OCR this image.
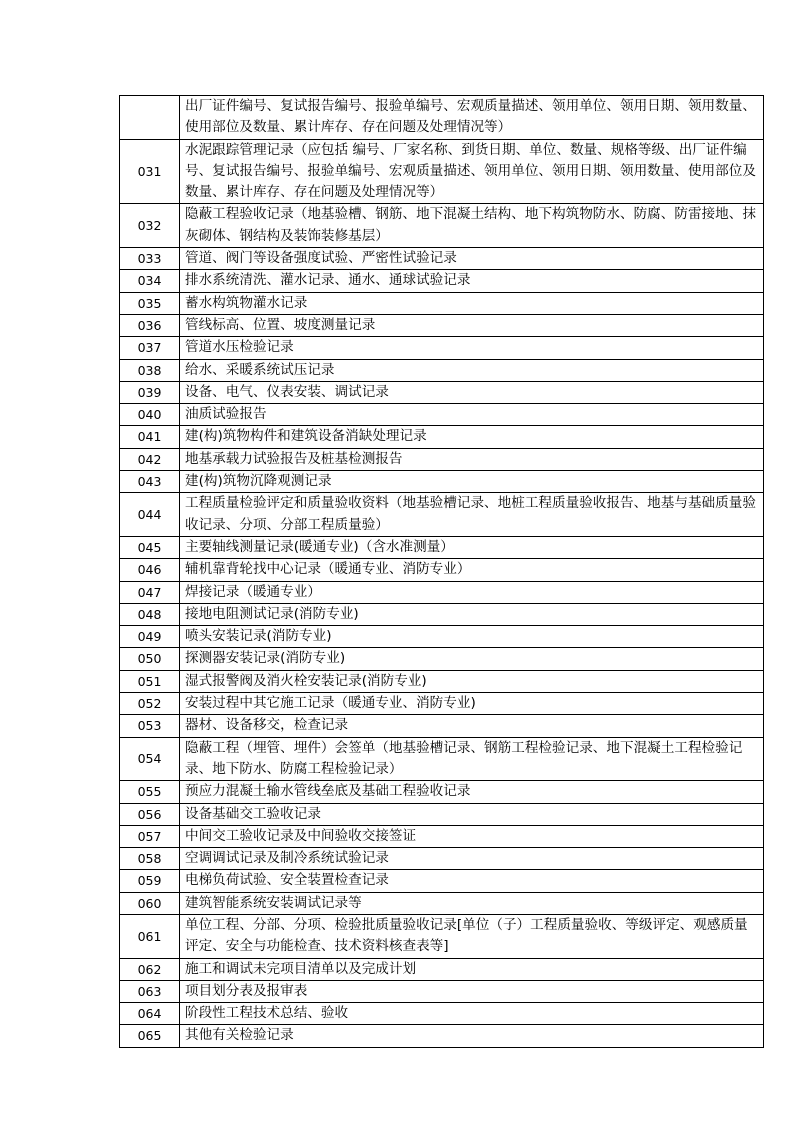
	出厂证件编号、复试报告编号、报验单编号、宏观质量描述、领用单位、领用日期、领用数量、使用部位及数量、累计库存、存在问题及处理情况等）
031	水泥跟踪管理记录（应包括 编号、厂家名称、到货日期、单位、数量、规格等级、出厂证件编号、复试报告编号、报验单编号、宏观质量描述、领用单位、领用日期、领用数量、使用部位及数量、累计库存、存在问题及处理情况等）
032	隐蔽工程验收记录（地基验槽、钢筋、地下混凝土结构、地下构筑物防水、防腐、防雷接地、抹灰砌体、钢结构及装饰装修基层）
033	管道、阀门等设备强度试验、严密性试验记录
034	排水系统清洗、灌水记录、通水、通球试验记录
035	蓄水构筑物灌水记录
036	管线标高、位置、坡度测量记录
037	管道水压检验记录
038	给水、采暖系统试压记录
039	设备、电气、仪表安装、调试记录
040	油质试验报告
041	建(构)筑物构件和建筑设备消缺处理记录
042	地基承载力试验报告及桩基检测报告
043	建(构)筑物沉降观测记录
044	工程质量检验评定和质量验收资料（地基验槽记录、地桩工程质量验收报告、地基与基础质量验收记录、分项、分部工程质量验）
045	主要轴线测量记录(暖通专业)（含水准测量）
046	辅机靠背轮找中心记录（暖通专业、消防专业）
047	焊接记录（暖通专业）
048	接地电阻测试记录(消防专业)
049	喷头安装记录(消防专业)
050	探测器安装记录(消防专业)
051	湿式报警阀及消火栓安装记录(消防专业)
052	安装过程中其它施工记录（暖通专业、消防专业)
053	器材、设备移交，检查记录
054	隐蔽工程（埋管、埋件）会签单（地基验槽记录、钢筋工程检验记录、地下混凝土工程检验记录、地下防水、防腐工程检验记录）
055	预应力混凝土输水管线垒底及基础工程验收记录
056	设备基础交工验收记录
057	中间交工验收记录及中间验收交接签证
058	空调调试记录及制冷系统试验记录
059	电梯负荷试验、安全装置检查记录
060	建筑智能系统安装调试记录等
061	单位工程、分部、分项、检验批质量验收记录[单位（子）工程质量验收、等级评定、观感质量评定、安全与功能检查、技术资料核查表等]
062	施工和调试未完项目清单以及完成计划
063	项目划分表及报审表
064	阶段性工程技术总结、验收
065	其他有关检验记录
